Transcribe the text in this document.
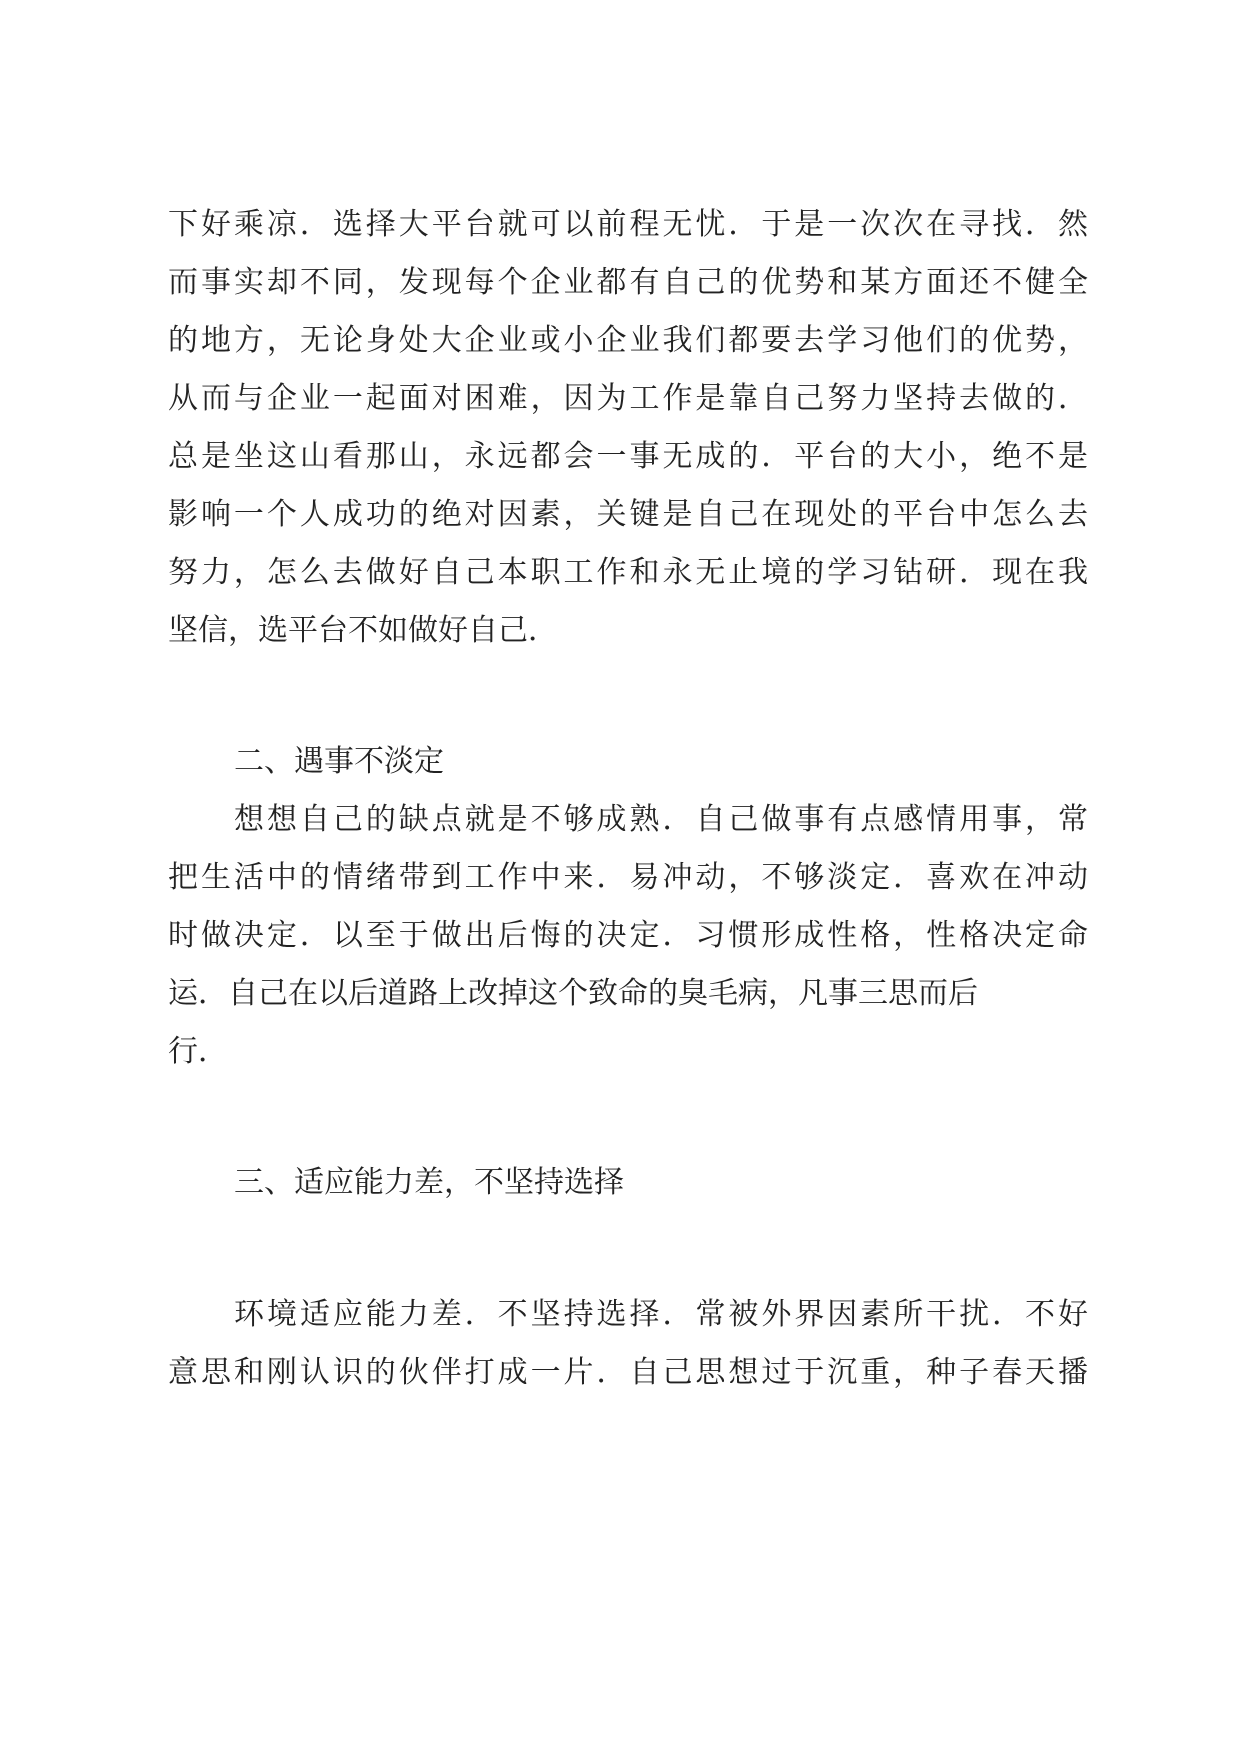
下好乘凉．选择大平台就可以前程无忧．于是一次次在寻找．然
而事实却不同，发现每个企业都有自己的优势和某方面还不健全
的地方，无论身处大企业或小企业我们都要去学习他们的优势，
从而与企业一起面对困难，因为工作是靠自己努力坚持去做的．
总是坐这山看那山，永远都会一事无成的．平台的大小，绝不是
影响一个人成功的绝对因素，关键是自己在现处的平台中怎么去
努力，怎么去做好自己本职工作和永无止境的学习钻研．现在我
坚信，选平台不如做好自己．
二、遇事不淡定
想想自己的缺点就是不够成熟．自己做事有点感情用事，常
把生活中的情绪带到工作中来．易冲动，不够淡定．喜欢在冲动
时做决定．以至于做出后悔的决定．习惯形成性格，性格决定命
运．自己在以后道路上改掉这个致命的臭毛病，凡事三思而后
行．
三、适应能力差，不坚持选择
环境适应能力差．不坚持选择．常被外界因素所干扰．不好
意思和刚认识的伙伴打成一片．自己思想过于沉重，种子春天播
